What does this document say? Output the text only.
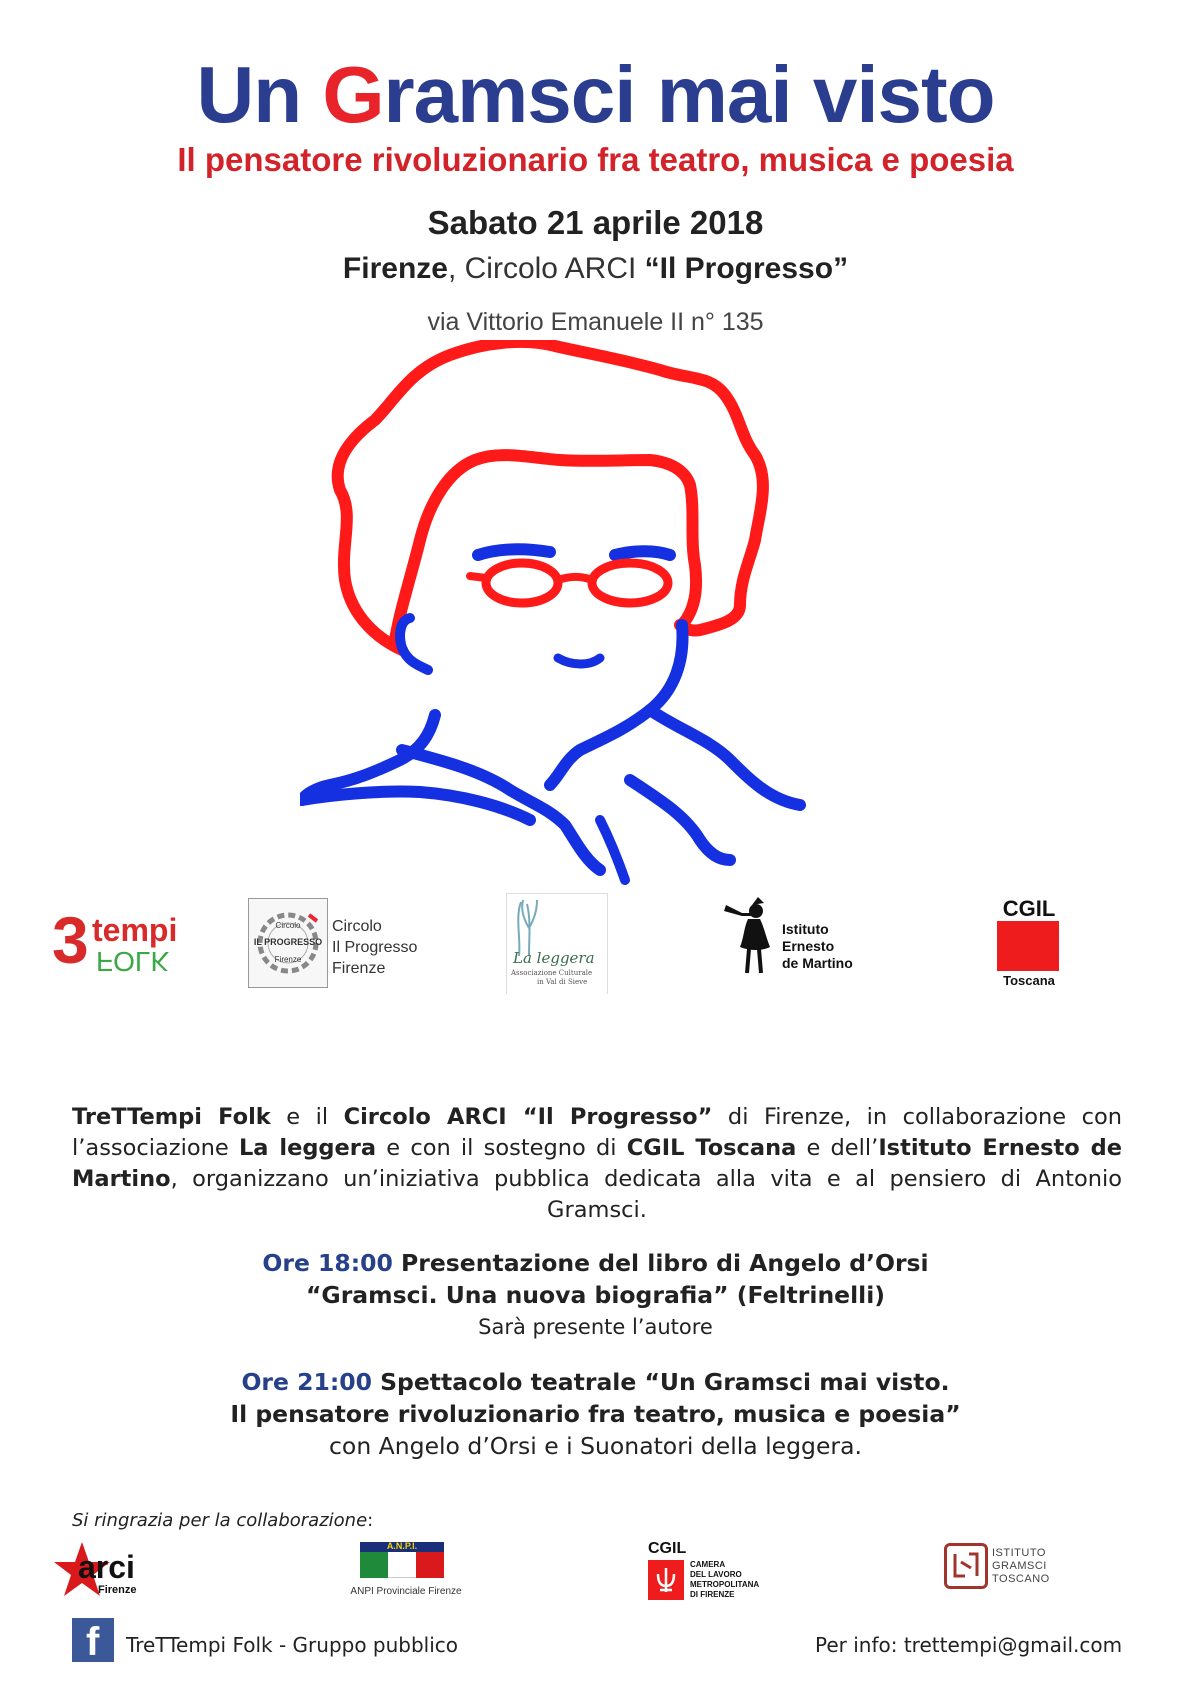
Un Gramsci mai visto
Il pensatore rivoluzionario fra teatro, musica e poesia
Sabato 21 aprile 2018
Firenze, Circolo ARCI “Il Progresso”
via Vittorio Emanuele II n° 135
3 tempi
FOLK
Circolo
IL PROGRESSO
Firenze
Circolo
Il Progresso
Firenze
La leggera
Associazione Culturale
in Val di Sieve
Istituto
Ernesto
de Martino
CGIL
Toscana
TreTTempi Folk e il Circolo ARCI “Il Progresso” di Firenze, in collaborazione con l’associazione La leggera e con il sostegno di CGIL Toscana e dell’Istituto Ernesto de Martino, organizzano un’iniziativa pubblica dedicata alla vita e al pensiero di Antonio Gramsci.
Ore 18:00 Presentazione del libro di Angelo d’Orsi
“Gramsci. Una nuova biografia” (Feltrinelli)
Sarà presente l’autore
Ore 21:00 Spettacolo teatrale “Un Gramsci mai visto.
Il pensatore rivoluzionario fra teatro, musica e poesia”
con Angelo d’Orsi e i Suonatori della leggera.
Si ringrazia per la collaborazione:
arci
Firenze
A.N.P.I.
ANPI Provinciale Firenze
CGIL
CAMERA
DEL LAVORO
METROPOLITANA
DI FIRENZE
ISTITUTO
GRAMSCI
TOSCANO
f TreTTempi Folk - Gruppo pubblico	Per info: trettempi@gmail.com
